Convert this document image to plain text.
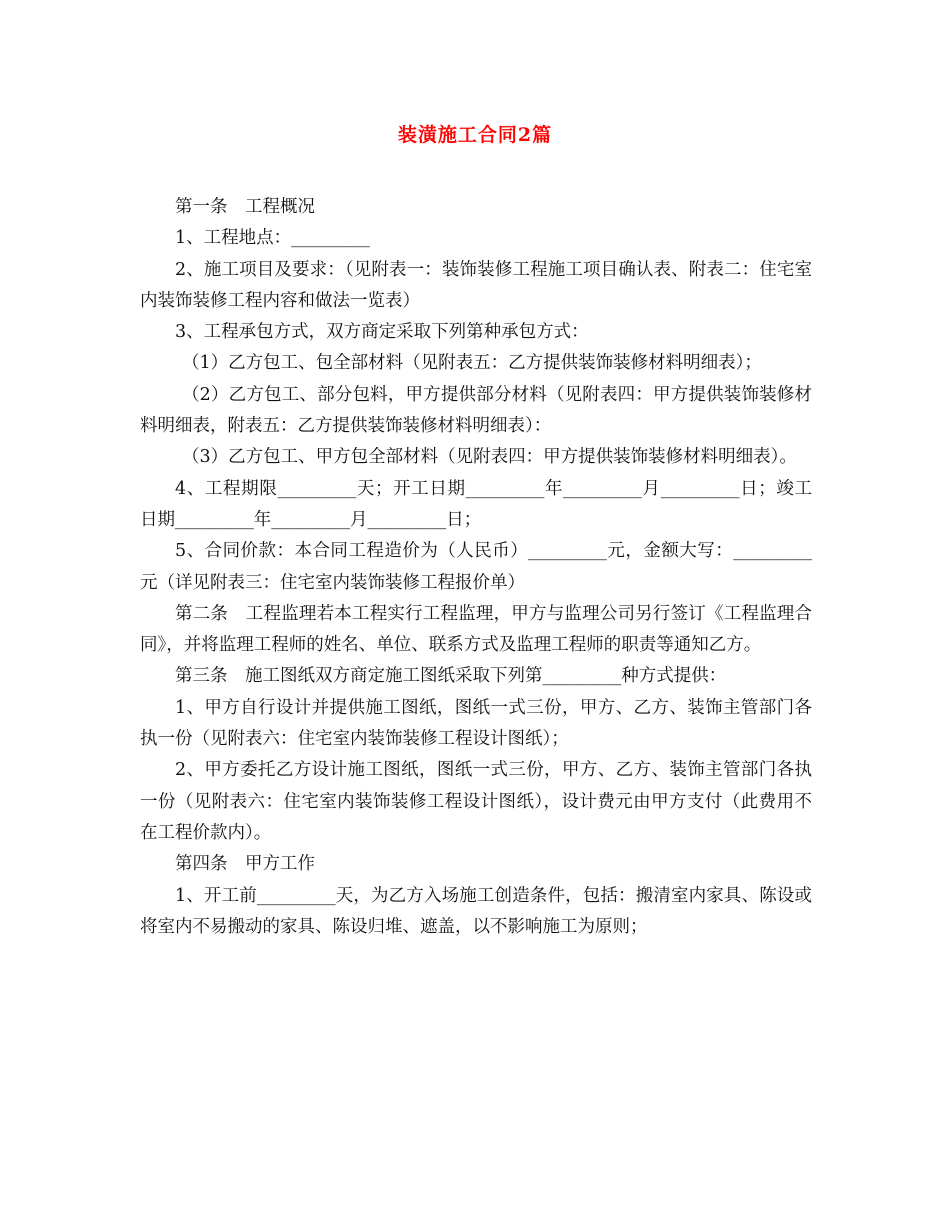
装潢施工合同2篇

第一条　工程概况

1、工程地点：_________

2、施工项目及要求：（见附表一：装饰装修工程施工项目确认表、附表二：住宅室内装饰装修工程内容和做法一览表）

3、工程承包方式，双方商定采取下列第种承包方式：

（1）乙方包工、包全部材料（见附表五：乙方提供装饰装修材料明细表）；

（2）乙方包工、部分包料，甲方提供部分材料（见附表四：甲方提供装饰装修材料明细表，附表五：乙方提供装饰装修材料明细表）：

（3）乙方包工、甲方包全部材料（见附表四：甲方提供装饰装修材料明细表）。

4、工程期限_________天；开工日期_________年_________月_________日；竣工日期_________年_________月_________日；

5、合同价款：本合同工程造价为（人民币）_________元，金额大写：_________元（详见附表三：住宅室内装饰装修工程报价单）

第二条　工程监理若本工程实行工程监理，甲方与监理公司另行签订《工程监理合同》，并将监理工程师的姓名、单位、联系方式及监理工程师的职责等通知乙方。

第三条　施工图纸双方商定施工图纸采取下列第_________种方式提供：

1、甲方自行设计并提供施工图纸，图纸一式三份，甲方、乙方、装饰主管部门各执一份（见附表六：住宅室内装饰装修工程设计图纸）；

2、甲方委托乙方设计施工图纸，图纸一式三份，甲方、乙方、装饰主管部门各执一份（见附表六：住宅室内装饰装修工程设计图纸），设计费元由甲方支付（此费用不在工程价款内）。

第四条　甲方工作

1、开工前_________天，为乙方入场施工创造条件，包括：搬清室内家具、陈设或将室内不易搬动的家具、陈设归堆、遮盖，以不影响施工为原则；
